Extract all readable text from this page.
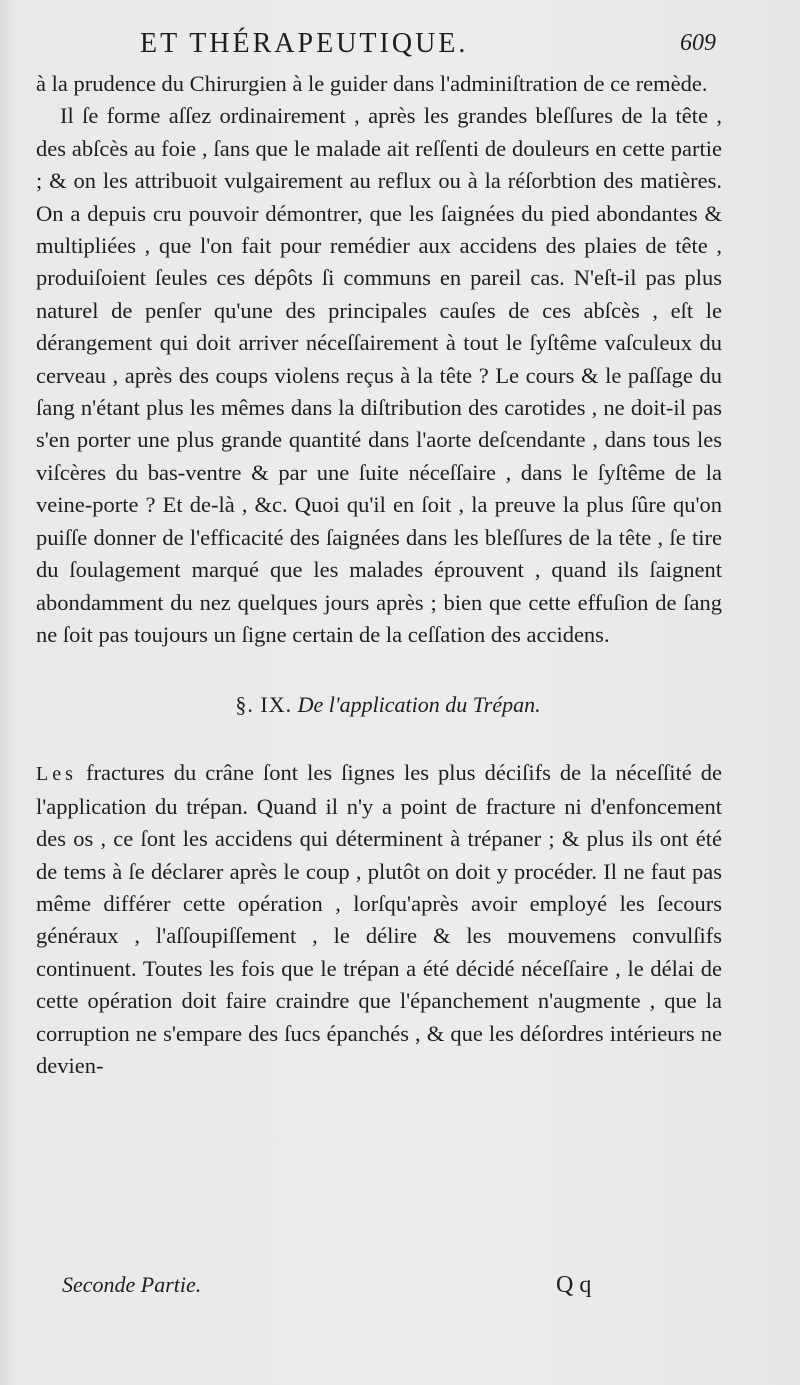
ET THÉRAPEUTIQUE.	609

à la prudence du Chirurgien à le guider dans l'adminiſtration de ce remède.

Il ſe forme aſſez ordinairement , après les grandes bleſſures de la tête , des abſcès au foie , ſans que le malade ait reſſenti de douleurs en cette partie ; & on les attribuoit vulgairement au reflux ou à la réſorbtion des matières. On a depuis cru pouvoir démontrer, que les ſaignées du pied abondantes & multipliées , que l'on fait pour remédier aux accidens des plaies de tête , produiſoient ſeules ces dépôts ſi communs en pareil cas. N'eſt-il pas plus naturel de penſer qu'une des principales cauſes de ces abſcès , eſt le dérangement qui doit arriver néceſſairement à tout le ſyſtême vaſculeux du cerveau , après des coups violens reçus à la tête ? Le cours & le paſſage du ſang n'étant plus les mêmes dans la diſtribution des carotides , ne doit-il pas s'en porter une plus grande quantité dans l'aorte deſcendante , dans tous les viſcères du bas-ventre & par une ſuite néceſſaire , dans le ſyſtême de la veine-porte ? Et de-là , &c. Quoi qu'il en ſoit , la preuve la plus ſûre qu'on puiſſe donner de l'efficacité des ſaignées dans les bleſſures de la tête , ſe tire du ſoulagement marqué que les malades éprouvent , quand ils ſaignent abondamment du nez quelques jours après ; bien que cette effuſion de ſang ne ſoit pas toujours un ſigne certain de la ceſſation des accidens.

§. IX. De l'application du Trépan.

Les fractures du crâne ſont les ſignes les plus déciſifs de la néceſſité de l'application du trépan. Quand il n'y a point de fracture ni d'enfoncement des os , ce ſont les accidens qui déterminent à trépaner ; & plus ils ont été de tems à ſe déclarer après le coup , plutôt on doit y procéder. Il ne faut pas même différer cette opération , lorſqu'après avoir employé les ſecours généraux , l'aſſoupiſſement , le délire & les mouvemens convulſifs continuent. Toutes les fois que le trépan a été décidé néceſſaire , le délai de cette opération doit faire craindre que l'épanchement n'augmente , que la corruption ne s'empare des ſucs épanchés , & que les déſordres intérieurs ne devien-

Seconde Partie.	Q q
